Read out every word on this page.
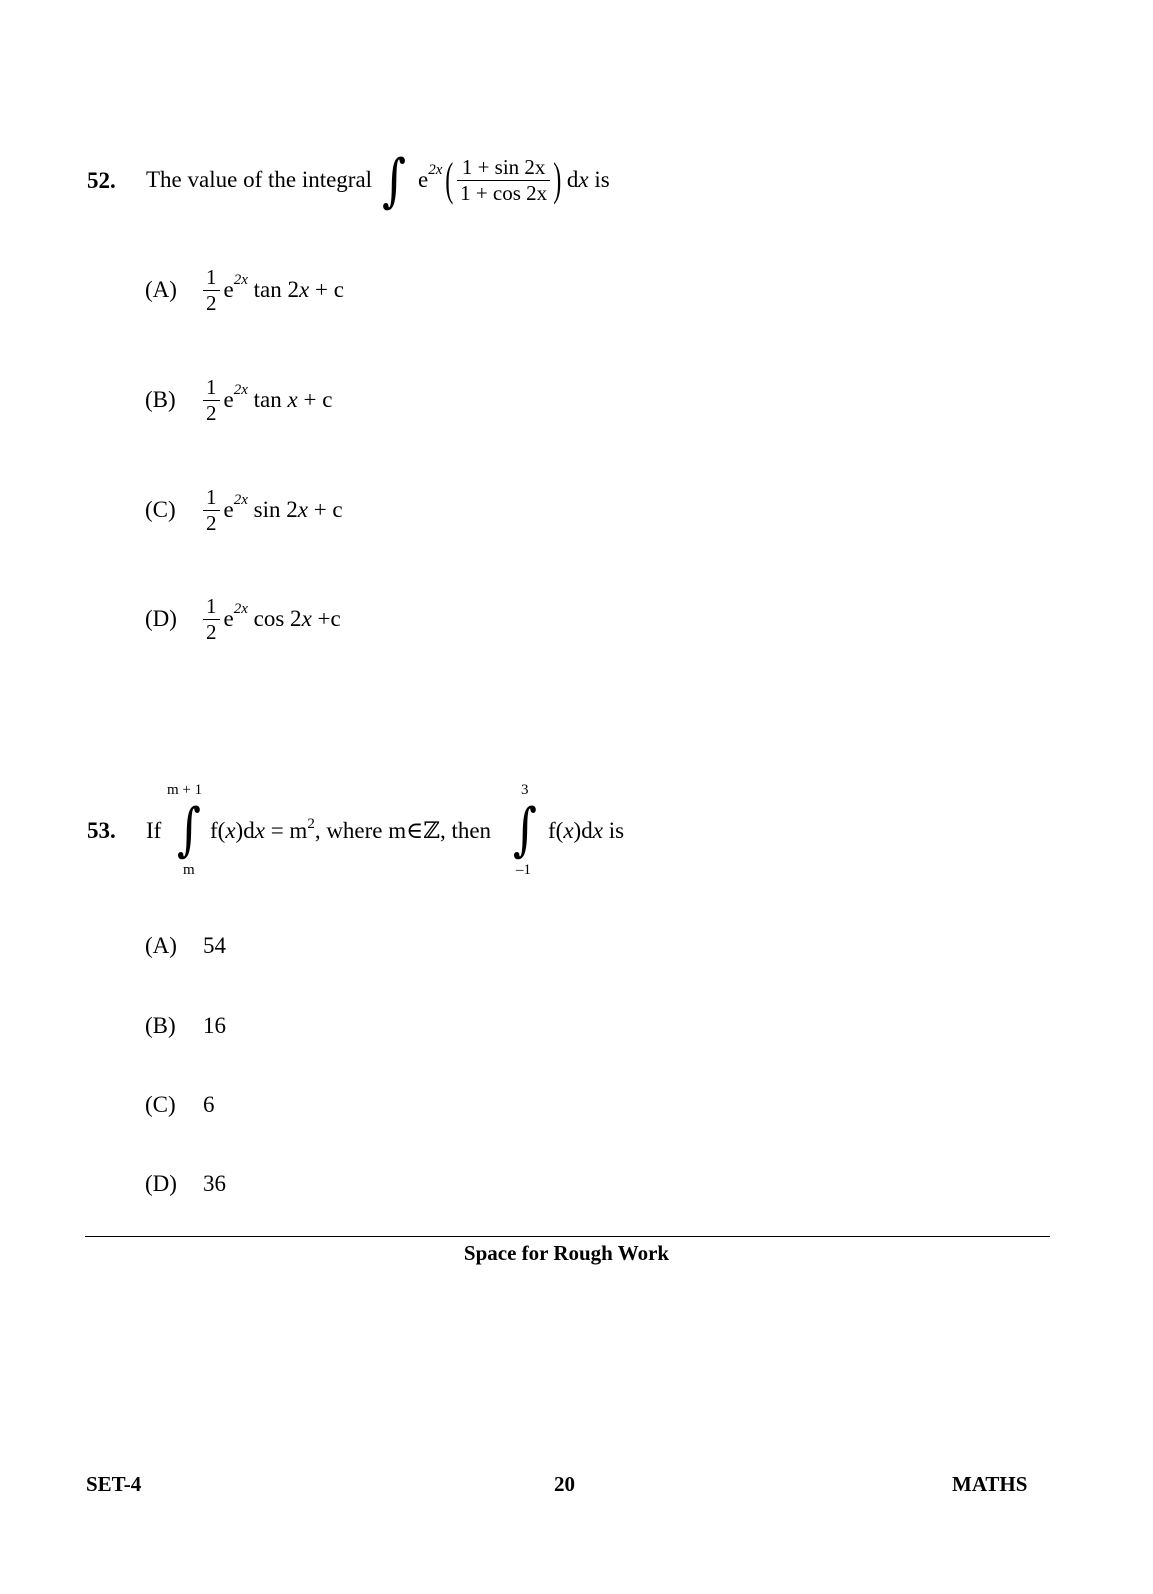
52. The value of the integral ∫ $e^{2x}$ ( $\frac{1 + \sin 2x}{1 + \cos 2x}$ ) dx is
(A)	$\frac{1}{2} e^{2x}$ tan 2 x + c
(B)	$\frac{1}{2} e^{2x}$ tan x + c
(C)	$\frac{1}{2} e^{2x}$ sin 2 x + c
(D)	$\frac{1}{2} e^{2x}$ cos 2 x +c
53. If
m + 1
∫
m
$f(x)dx = m^2$, where m∈ℤ, then
3
∫
–1
f(x)dx is
(A) 54
(B) 16
(C) 6
(D) 36
Space for Rough Work
SET-4	20	MATHS
